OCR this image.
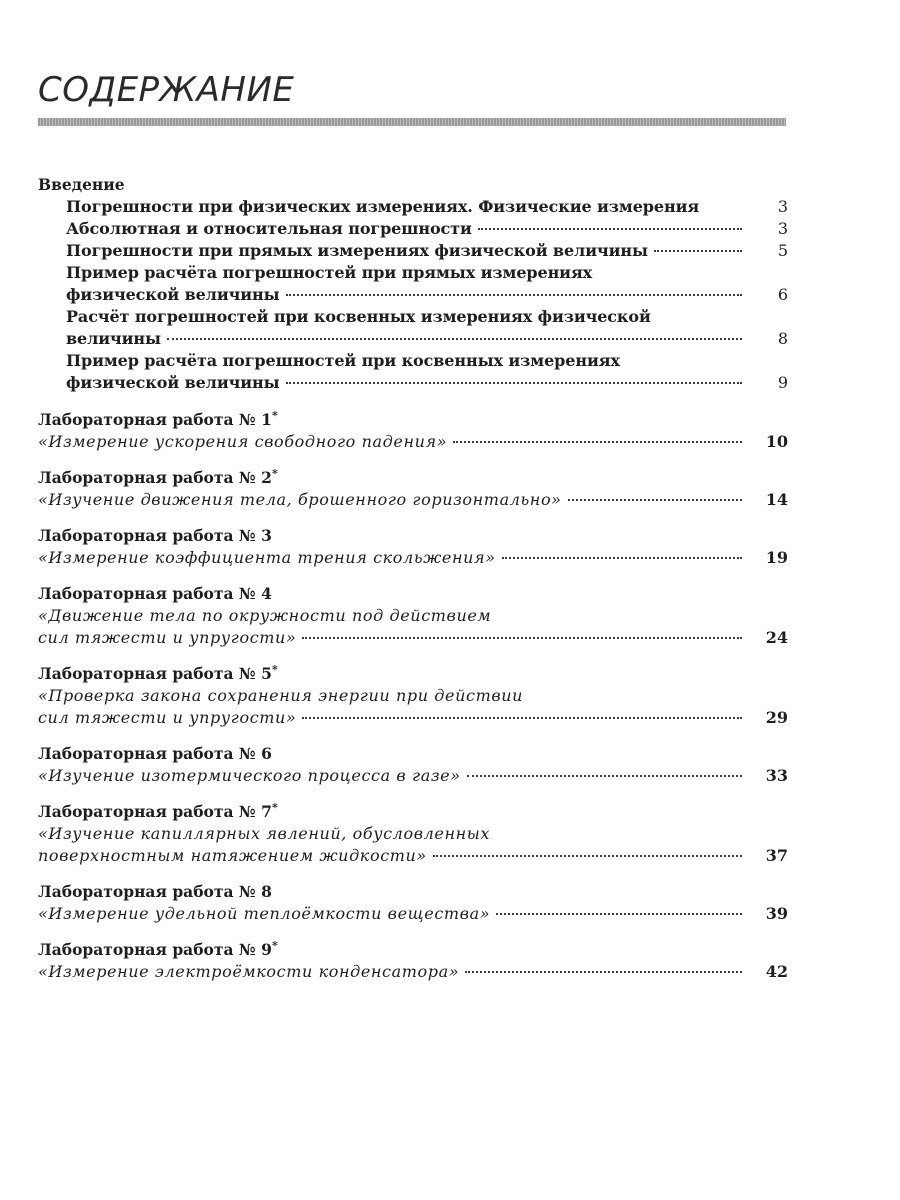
СОДЕРЖАНИЕ

Введение

Погрешности при физических измерениях. Физические измерения	3
Абсолютная и относительная погрешности	3
Погрешности при прямых измерениях физической величины	5
Пример расчёта погрешностей при прямых измерениях
физической величины	6
Расчёт погрешностей при косвенных измерениях физической
величины	8
Пример расчёта погрешностей при косвенных измерениях
физической величины	9

Лабораторная работа № 1*

«Измерение ускорения свободного падения»	10

Лабораторная работа № 2*

«Изучение движения тела, брошенного горизонтально»	14

Лабораторная работа № 3

«Измерение коэффициента трения скольжения»	19

Лабораторная работа № 4

«Движение тела по окружности под действием
сил тяжести и упругости»	24

Лабораторная работа № 5*

«Проверка закона сохранения энергии при действии
сил тяжести и упругости»	29

Лабораторная работа № 6

«Изучение изотермического процесса в газе»	33

Лабораторная работа № 7*

«Изучение капиллярных явлений, обусловленных
поверхностным натяжением жидкости»	37

Лабораторная работа № 8

«Измерение удельной теплоёмкости вещества»	39

Лабораторная работа № 9*

«Измерение электроёмкости конденсатора»	42
